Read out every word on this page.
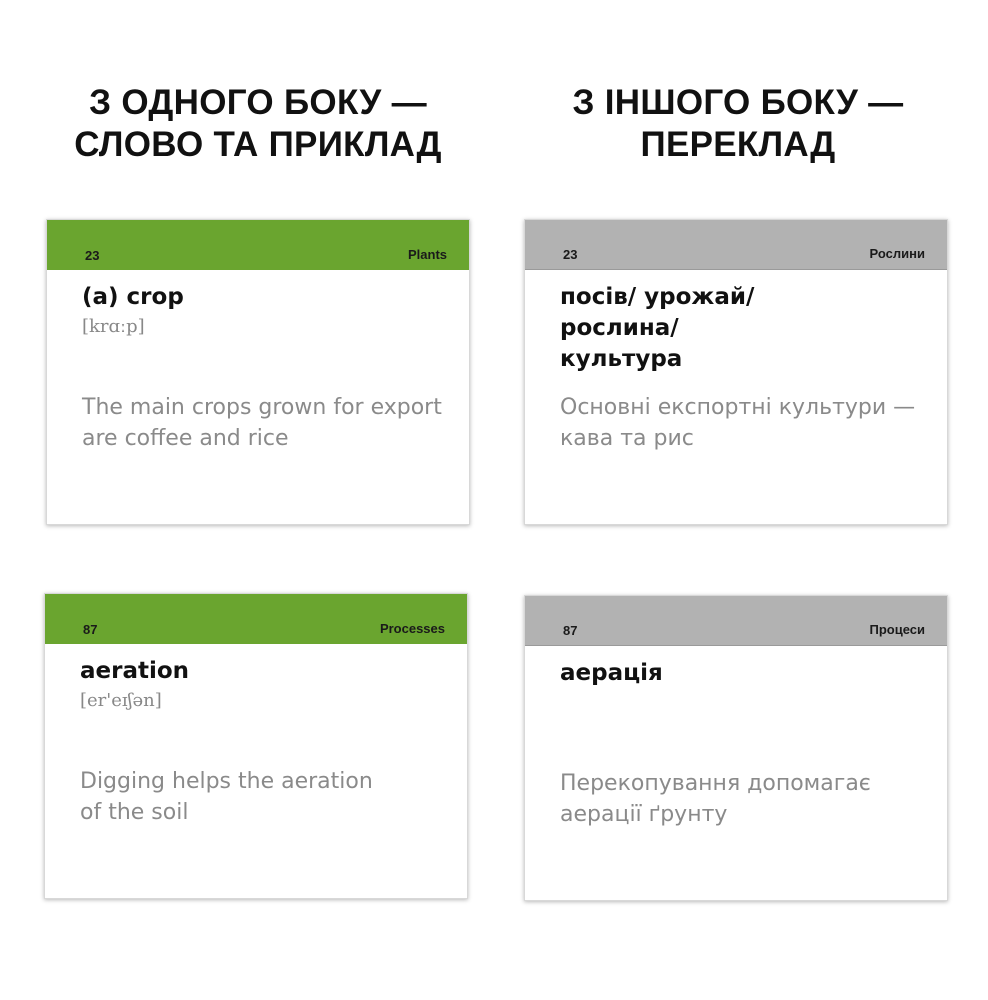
З ОДНОГО БОКУ —
СЛОВО ТА ПРИКЛАД
З ІНШОГО БОКУ —
ПЕРЕКЛАД
23	Plants
(a) crop
[krɑːp]
The main crops grown for export are coffee and rice
23	Рослини
посів/ урожай/ рослина/ культура
Основні експортні культури — кава та рис
87	Processes
aeration
[er'eɪʃən]
Digging helps the aeration of the soil
87	Процеси
аерація
Перекопування допомагає аерації ґрунту
